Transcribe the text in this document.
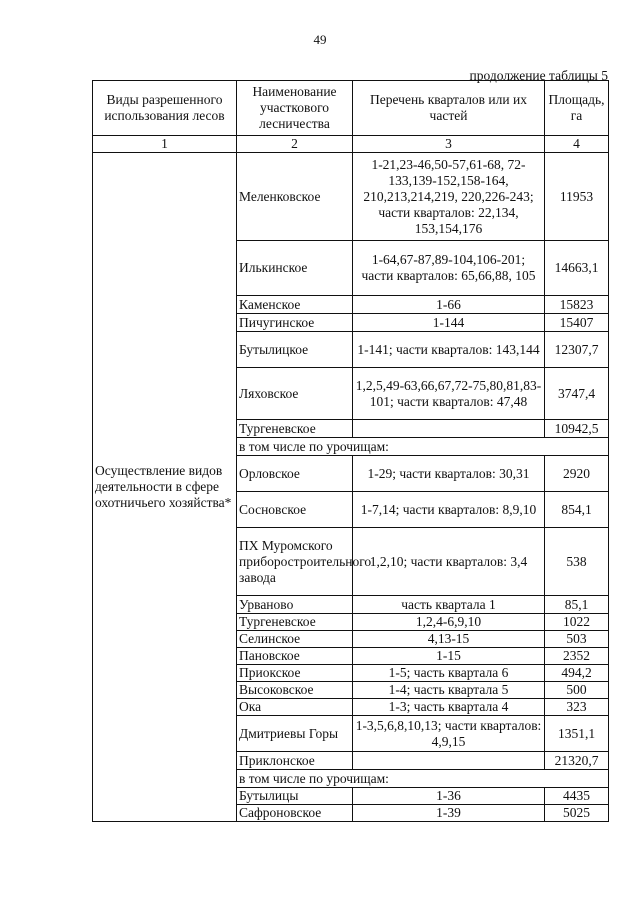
49
продолжение таблицы 5
Виды разрешенного использования лесов	Наименование участкового лесничества	Перечень кварталов или их частей	Площадь, га
1	2	3	4
Осуществление видов деятельности в сфере охотничьего хозяйства*	Меленковское	1-21,23-46,50-57,61-68, 72-133,139-152,158-164, 210,213,214,219, 220,226-243; части кварталов: 22,134, 153,154,176	11953
	Илькинское	1-64,67-87,89-104,106-201; части кварталов: 65,66,88, 105	14663,1
	Каменское	1-66	15823
	Пичугинское	1-144	15407
	Бутылицкое	1-141; части кварталов: 143,144	12307,7
	Ляховское	1,2,5,49-63,66,67,72-75,80,81,83-101; части кварталов: 47,48	3747,4
	Тургеневское		10942,5
	в том числе по урочищам:		
	Орловское	1-29; части кварталов: 30,31	2920
	Сосновское	1-7,14; части кварталов: 8,9,10	854,1
	ПХ Муромского приборостроительного завода	1,2,10; части кварталов: 3,4	538
	Урваново	часть квартала 1	85,1
	Тургеневское	1,2,4-6,9,10	1022
	Селинское	4,13-15	503
	Пановское	1-15	2352
	Приокское	1-5; часть квартала 6	494,2
	Высоковское	1-4; часть квартала 5	500
	Ока	1-3; часть квартала 4	323
	Дмитриевы Горы	1-3,5,6,8,10,13; части кварталов: 4,9,15	1351,1
	Приклонское		21320,7
	в том числе по урочищам:		
	Бутылицы	1-36	4435
	Сафроновское	1-39	5025
